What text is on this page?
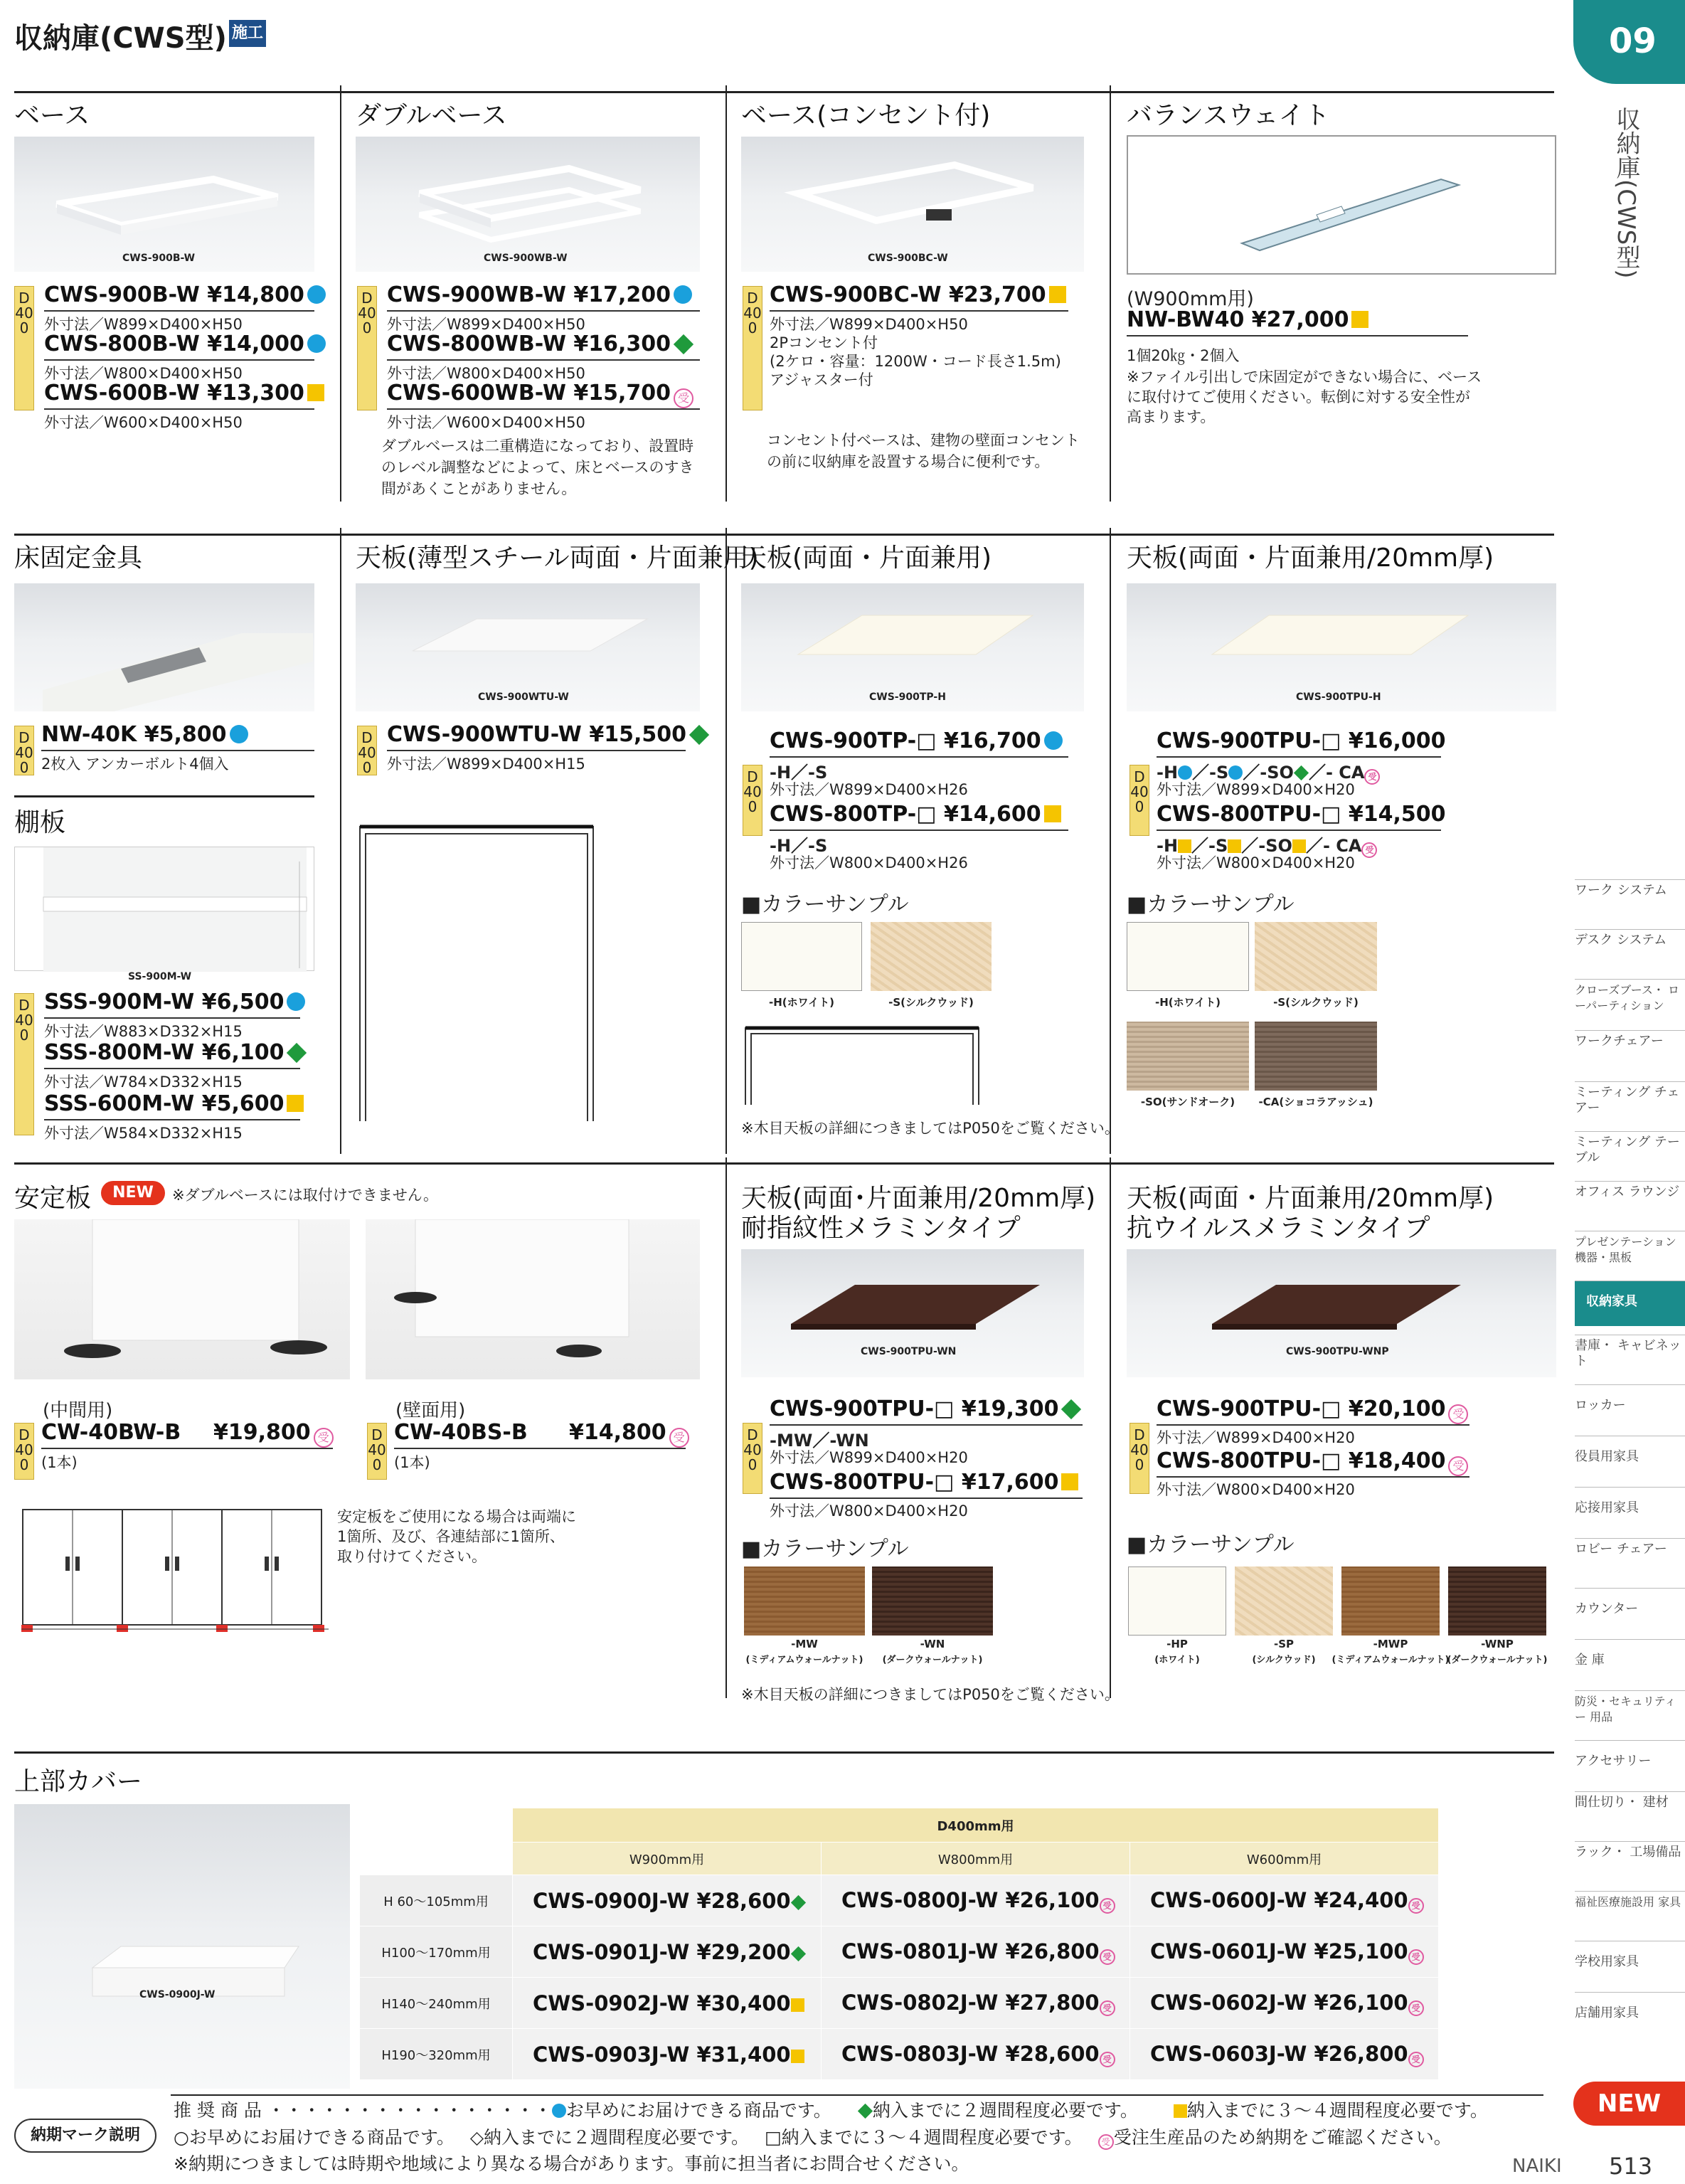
収納庫(CWS型) 施工	09
収納庫(CWS型)
ベース
CWS-900B-W
D400
CWS-900B-W ¥14,800
外寸法／W899×D400×H50
CWS-800B-W ¥14,000
外寸法／W800×D400×H50
CWS-600B-W ¥13,300
外寸法／W600×D400×H50
ダブルベース
CWS-900WB-W
D400
CWS-900WB-W ¥17,200
外寸法／W899×D400×H50
CWS-800WB-W ¥16,300
外寸法／W800×D400×H50
CWS-600WB-W ¥15,700 受
外寸法／W600×D400×H50
ダブルベースは二重構造になっており、設置時のレベル調整などによって、床とベースのすき間があくことがありません。
ベース(コンセント付)
CWS-900BC-W
D400
CWS-900BC-W ¥23,700
外寸法／W899×D400×H50
2Pコンセント付
(2ケロ・容量：1200W・コード長さ1.5m)
アジャスター付
コンセント付ベースは、建物の壁面コンセントの前に収納庫を設置する場合に便利です。
バランスウェイト
(W900mm用)
NW-BW40 ¥27,000
1個20㎏・2個入
※ファイル引出しで床固定ができない場合に、ベースに取付けてご使用ください。転倒に対する安全性が高まります。
床固定金具
D400
NW-40K ¥5,800
2枚入 アンカーボルト4個入
棚板
SS-900M-W
D400
SSS-900M-W ¥6,500
外寸法／W883×D332×H15
SSS-800M-W ¥6,100
外寸法／W784×D332×H15
SSS-600M-W ¥5,600
外寸法／W584×D332×H15
天板(薄型スチール両面・片面兼用)
CWS-900WTU-W
D400
CWS-900WTU-W ¥15,500
外寸法／W899×D400×H15
天板(両面・片面兼用)
CWS-900TP-H
D400
CWS-900TP-□ ¥16,700
-H／-S
外寸法／W899×D400×H26
CWS-800TP-□ ¥14,600
-H／-S
外寸法／W800×D400×H26
■カラーサンプル
-H(ホワイト)	-S(シルクウッド)
※木目天板の詳細につきましてはP050をご覧ください。
天板(両面・片面兼用/20mm厚)
CWS-900TPU-H
D400
CWS-900TPU-□ ¥16,000
-H ／-S ／-SO ／- CA 受
外寸法／W899×D400×H20
CWS-800TPU-□ ¥14,500
-H ／-S ／-SO ／- CA 受
外寸法／W800×D400×H20
■カラーサンプル
-H(ホワイト)	-S(シルクウッド)
-SO(サンドオーク)	-CA(ショコラアッシュ)
安定板	NEW	※ダブルベースには取付けできません。
(中間用)
D400
CW-40BW-B ¥19,800 受
(1本)
(壁面用)
D400
CW-40BS-B ¥14,800 受
(1本)
安定板をご使用になる場合は両端に1箇所、及び、各連結部に1箇所、取り付けてください。
天板(両面･片面兼用/20mm厚)
耐指紋性メラミンタイプ
CWS-900TPU-WN
D400
CWS-900TPU-□ ¥19,300
-MW／-WN
外寸法／W899×D400×H20
CWS-800TPU-□ ¥17,600
外寸法／W800×D400×H20
■カラーサンプル
-MW
(ミディアムウォールナット)
-WN
(ダークウォールナット)
※木目天板の詳細につきましてはP050をご覧ください。
天板(両面・片面兼用/20mm厚)
抗ウイルスメラミンタイプ
CWS-900TPU-WNP
D400
CWS-900TPU-□ ¥20,100 受
外寸法／W899×D400×H20
CWS-800TPU-□ ¥18,400 受
外寸法／W800×D400×H20
■カラーサンプル
-HP
(ホワイト)
-SP
(シルクウッド)
-MWP
(ミディアムウォールナット)
-WNP
(ダークウォールナット)
上部カバー
CWS-0900J-W
	D400mm用		
	W900mm用	W800mm用	W600mm用
H 60～105mm用	CWS-0900J-W ¥28,600	CWS-0800J-W ¥26,100 受	CWS-0600J-W ¥24,400 受
H100～170mm用	CWS-0901J-W ¥29,200	CWS-0801J-W ¥26,800 受	CWS-0601J-W ¥25,100 受
H140～240mm用	CWS-0902J-W ¥30,400	CWS-0802J-W ¥27,800 受	CWS-0602J-W ¥26,100 受
H190～320mm用	CWS-0903J-W ¥31,400	CWS-0803J-W ¥28,600 受	CWS-0603J-W ¥26,800 受
ワーク システム
デスク システム
クローズブース・ ローパーティション
ワークチェアー
ミーティング チェアー
ミーティング テーブル
オフィス ラウンジ
プレゼンテーション 機器・黒板
収納家具
書庫・ キャビネット
ロッカー
役員用家具
応接用家具
ロビー チェアー
カウンター
金 庫
防災・セキュリティー 用品
アクセサリー
間仕切り・ 建材
ラック・ 工場備品
福祉医療施設用 家具
学校用家具
店舗用家具
NEW
納期マーク説明
推 奨 商 品 ・・・・・・・・・・・・・・・・ お早めにお届けできる商品です。 納入までに２週間程度必要です。	納入までに３～４週間程度必要です。
○お早めにお届けできる商品です。 ◇納入までに２週間程度必要です。 □納入までに３～４週間程度必要です。 受 受注生産品のため納期をご確認ください。
※納期につきましては時期や地域により異なる場合があります。事前に担当者にお問合せください。	NAIKI 513
